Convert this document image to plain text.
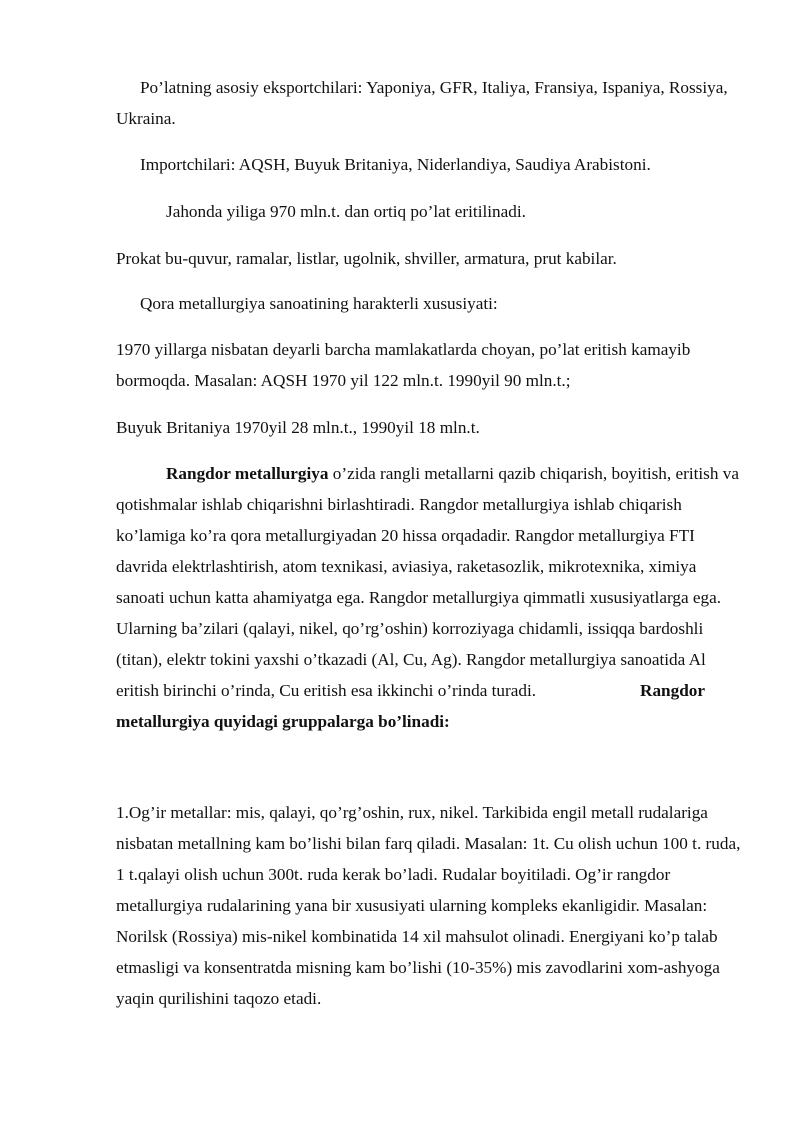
Po’latning asosiy eksportchilari: Yaponiya, GFR, Italiya, Fransiya, Ispaniya, Rossiya, Ukraina.

Importchilari: AQSH, Buyuk Britaniya, Niderlandiya, Saudiya Arabistoni.

Jahonda yiliga 970 mln.t. dan ortiq po’lat eritilinadi.

Prokat bu-quvur, ramalar, listlar, ugolnik, shviller, armatura, prut kabilar.

Qora metallurgiya sanoatining harakterli xususiyati:

1970 yillarga nisbatan deyarli barcha mamlakatlarda choyan, po’lat eritish kamayib bormoqda. Masalan: AQSH 1970 yil 122 mln.t. 1990yil 90 mln.t.;

Buyuk Britaniya 1970yil 28 mln.t., 1990yil 18 mln.t.

Rangdor metallurgiya o’zida rangli metallarni qazib chiqarish, boyitish, eritish va qotishmalar ishlab chiqarishni birlashtiradi. Rangdor metallurgiya ishlab chiqarish ko’lamiga ko’ra qora metallurgiyadan 20 hissa orqadadir. Rangdor metallurgiya FTI davrida elektrlashtirish, atom texnikasi, aviasiya, raketasozlik, mikrotexnika, ximiya sanoati uchun katta ahamiyatga ega. Rangdor metallurgiya qimmatli xususiyatlarga ega. Ularning ba’zilari (qalayi, nikel, qo’rg’oshin) korroziyaga chidamli, issiqqa bardoshli (titan), elektr tokini yaxshi o’tkazadi (Al, Cu, Ag). Rangdor metallurgiya sanoatida Al eritish birinchi o’rinda, Cu eritish esa ikkinchi o’rinda turadi.	Rangdor metallurgiya quyidagi gruppalarga bo’linadi:

1.Og’ir metallar: mis, qalayi, qo’rg’oshin, rux, nikel. Tarkibida engil metall rudalariga nisbatan metallning kam bo’lishi bilan farq qiladi. Masalan: 1t. Cu olish uchun 100 t. ruda, 1 t.qalayi olish uchun 300t. ruda kerak bo’ladi. Rudalar boyitiladi. Og’ir rangdor metallurgiya rudalarining yana bir xususiyati ularning kompleks ekanligidir. Masalan: Norilsk (Rossiya) mis-nikel kombinatida 14 xil mahsulot olinadi. Energiyani ko’p talab etmasligi va konsentratda misning kam bo’lishi (10-35%) mis zavodlarini xom-ashyoga yaqin qurilishini taqozo etadi.
